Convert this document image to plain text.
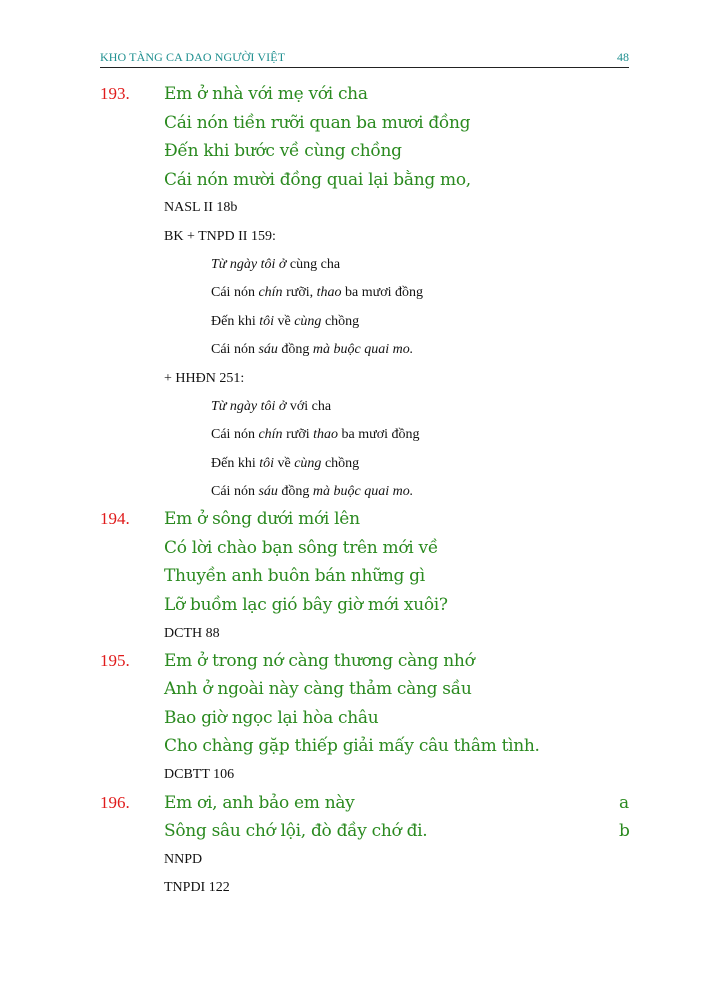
KHO TÀNG CA DAO NGƯỜI VIỆT	48
193. Em ở nhà với mẹ với cha
Cái nón tiền rưỡi quan ba mươi đồng
Đến khi bước về cùng chồng
Cái nón mười đồng quai lại bằng mo,
NASL II 18b
BK + TNPD II 159:
Từ ngày tôi ở cùng cha
Cái nón chín rưỡi, thao ba mươi đồng
Đến khi tôi về cùng chồng
Cái nón sáu đồng mà buộc quai mo.
+ HHĐN 251:
Từ ngày tôi ở với cha
Cái nón chín rưỡi thao ba mươi đồng
Đến khi tôi về cùng chồng
Cái nón sáu đồng mà buộc quai mo.
194. Em ở sông dưới mới lên
Có lời chào bạn sông trên mới về
Thuyền anh buôn bán những gì
Lỡ buồm lạc gió bây giờ mới xuôi?
DCTH 88
195. Em ở trong nớ càng thương càng nhớ
Anh ở ngoài này càng thảm càng sầu
Bao giờ ngọc lại hòa châu
Cho chàng gặp thiếp giải mấy câu thâm tình.
DCBTT 106
196. Em ơi, anh bảo em này	a
Sông sâu chớ lội, đò đầy chớ đi.	b
NNPD
TNPDI 122
